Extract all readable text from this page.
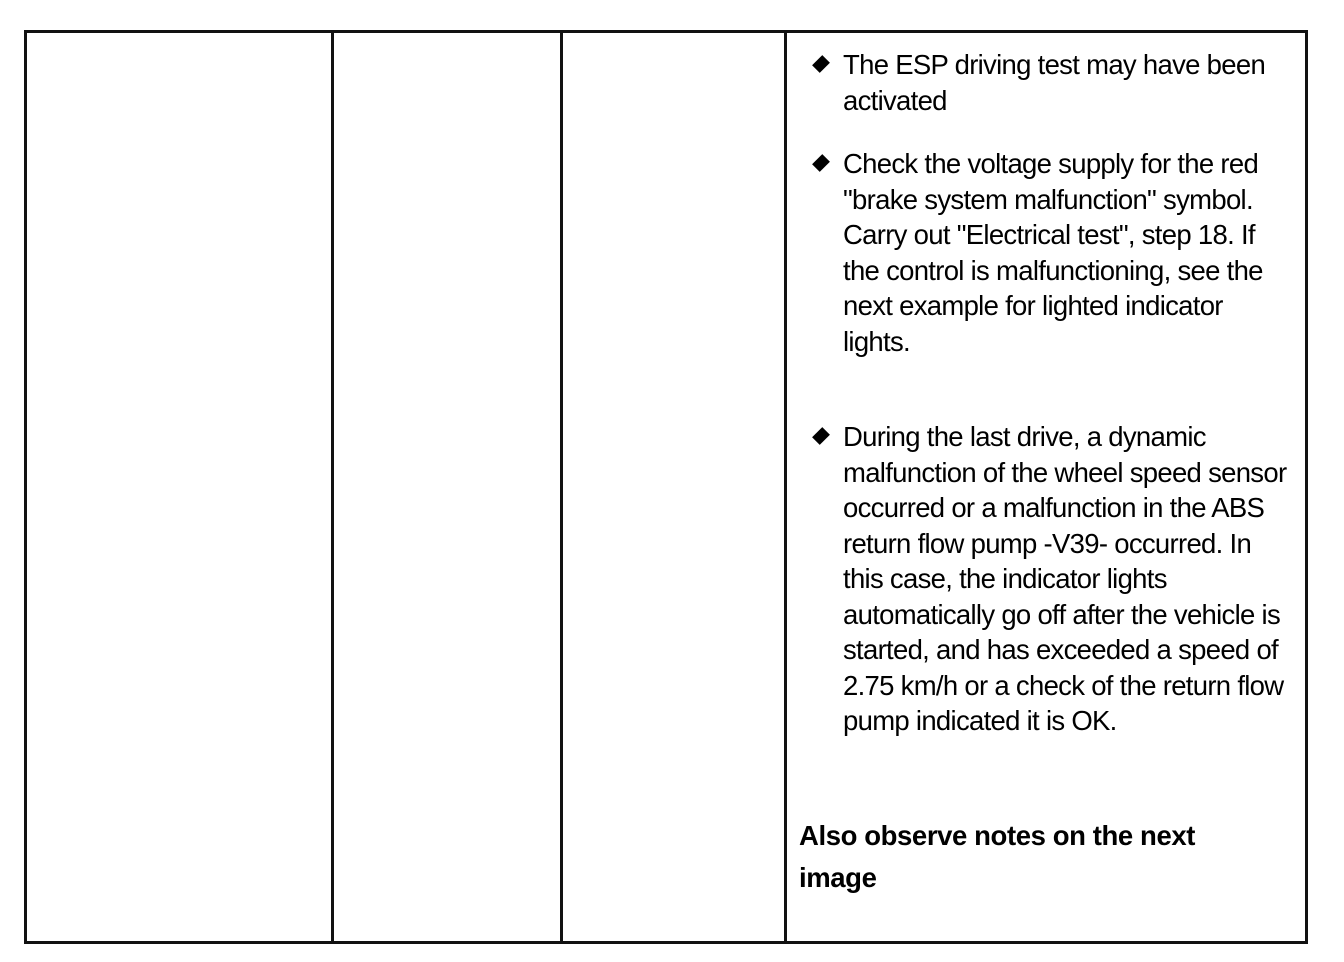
The ESP driving test may have been activated
Check the voltage supply for the red "brake system malfunction" symbol. Carry out "Electrical test", step 18. If the control is malfunctioning, see the next example for lighted indicator lights.
During the last drive, a dynamic malfunction of the wheel speed sensor occurred or a malfunction in the ABS return flow pump -V39- occurred. In this case, the indicator lights automatically go off after the vehicle is started, and has exceeded a speed of 2.75 km/h or a check of the return flow pump indicated it is OK.
Also observe notes on the next image
